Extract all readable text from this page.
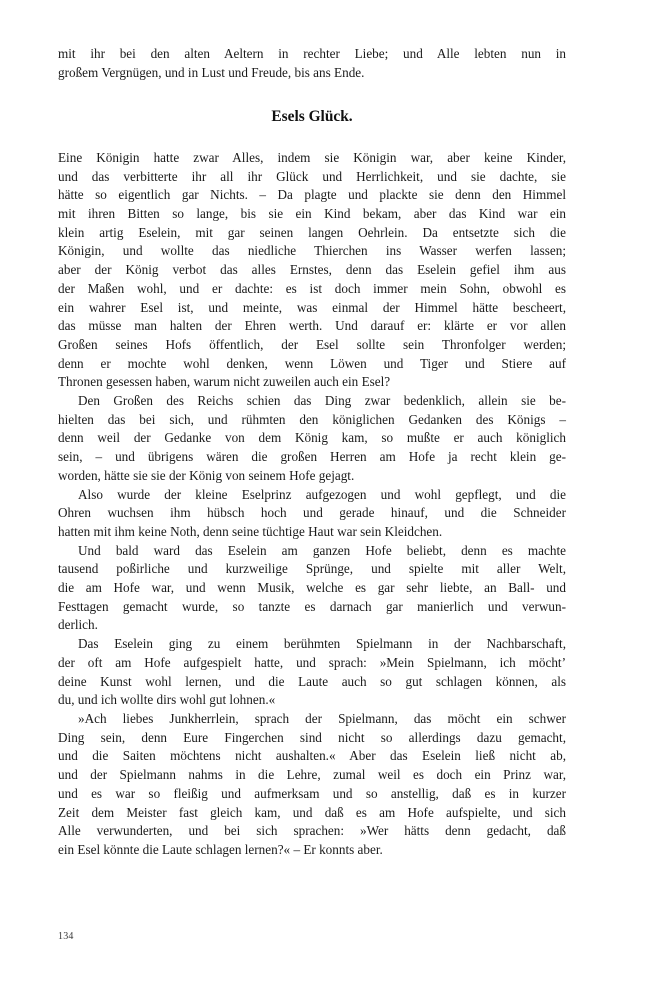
mit ihr bei den alten Aeltern in rechter Liebe; und Alle lebten nun in
großem Vergnügen, und in Lust und Freude, bis ans Ende.

Esels Glück.

Eine Königin hatte zwar Alles, indem sie Königin war, aber keine Kinder,
und das verbitterte ihr all ihr Glück und Herrlichkeit, und sie dachte, sie
hätte so eigentlich gar Nichts. – Da plagte und plackte sie denn den Himmel
mit ihren Bitten so lange, bis sie ein Kind bekam, aber das Kind war ein
klein artig Eselein, mit gar seinen langen Oehrlein. Da entsetzte sich die
Königin, und wollte das niedliche Thierchen ins Wasser werfen lassen;
aber der König verbot das alles Ernstes, denn das Eselein gefiel ihm aus
der Maßen wohl, und er dachte: es ist doch immer mein Sohn, obwohl es
ein wahrer Esel ist, und meinte, was einmal der Himmel hätte bescheert,
das müsse man halten der Ehren werth. Und darauf er: klärte er vor allen
Großen seines Hofs öffentlich, der Esel sollte sein Thronfolger werden;
denn er mochte wohl denken, wenn Löwen und Tiger und Stiere auf
Thronen gesessen haben, warum nicht zuweilen auch ein Esel?

Den Großen des Reichs schien das Ding zwar bedenklich, allein sie be-
hielten das bei sich, und rühmten den königlichen Gedanken des Königs –
denn weil der Gedanke von dem König kam, so mußte er auch königlich
sein, – und übrigens wären die großen Herren am Hofe ja recht klein ge-
worden, hätte sie sie der König von seinem Hofe gejagt.

Also wurde der kleine Eselprinz aufgezogen und wohl gepflegt, und die
Ohren wuchsen ihm hübsch hoch und gerade hinauf, und die Schneider
hatten mit ihm keine Noth, denn seine tüchtige Haut war sein Kleidchen.

Und bald ward das Eselein am ganzen Hofe beliebt, denn es machte
tausend poßirliche und kurzweilige Sprünge, und spielte mit aller Welt,
die am Hofe war, und wenn Musik, welche es gar sehr liebte, an Ball- und
Festtagen gemacht wurde, so tanzte es darnach gar manierlich und verwun-
derlich.

Das Eselein ging zu einem berühmten Spielmann in der Nachbarschaft,
der oft am Hofe aufgespielt hatte, und sprach: »Mein Spielmann, ich möcht’
deine Kunst wohl lernen, und die Laute auch so gut schlagen können, als
du, und ich wollte dirs wohl gut lohnen.«

»Ach liebes Junkherrlein, sprach der Spielmann, das möcht ein schwer
Ding sein, denn Eure Fingerchen sind nicht so allerdings dazu gemacht,
und die Saiten möchtens nicht aushalten.« Aber das Eselein ließ nicht ab,
und der Spielmann nahms in die Lehre, zumal weil es doch ein Prinz war,
und es war so fleißig und aufmerksam und so anstellig, daß es in kurzer
Zeit dem Meister fast gleich kam, und daß es am Hofe aufspielte, und sich
Alle verwunderten, und bei sich sprachen: »Wer hätts denn gedacht, daß
ein Esel könnte die Laute schlagen lernen?« – Er konnts aber.

134
